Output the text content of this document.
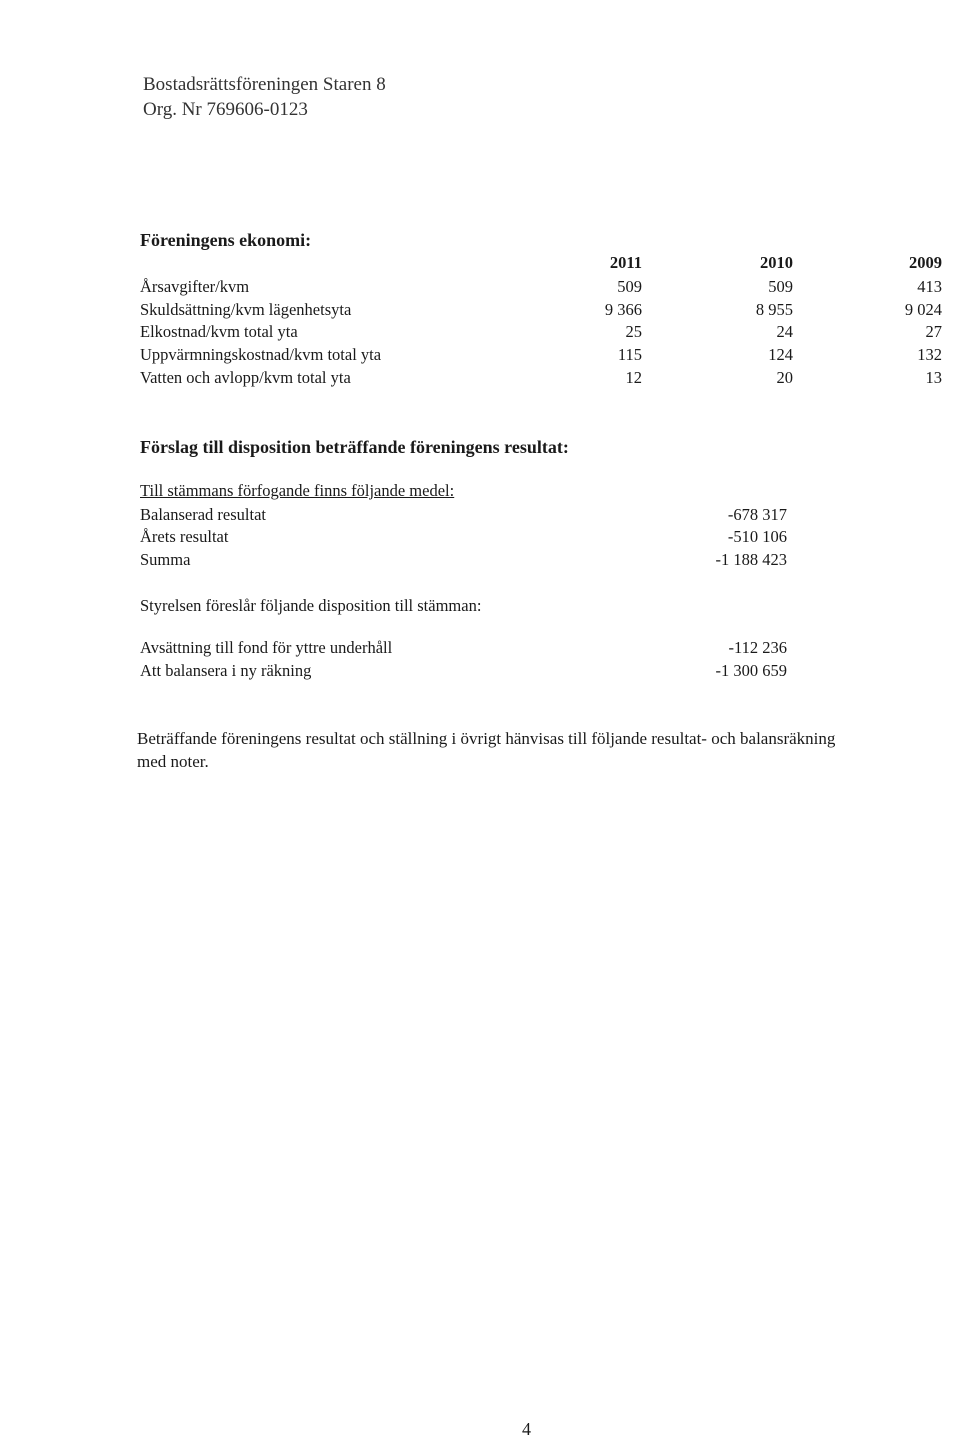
Bostadsrättsföreningen Staren 8
Org. Nr 769606-0123
Föreningens ekonomi:
2011	2010	2009
Årsavgifter/kvm	509	509	413
Skuldsättning/kvm lägenhetsyta	9 366	8 955	9 024
Elkostnad/kvm total yta	25	24	27
Uppvärmningskostnad/kvm total yta	115	124	132
Vatten och avlopp/kvm total yta	12	20	13
Förslag till disposition beträffande föreningens resultat:
Till stämmans förfogande finns följande medel:
Balanserad resultat	-678 317
Årets resultat	-510 106
Summa	-1 188 423
Styrelsen föreslår följande disposition till stämman:
Avsättning till fond för yttre underhåll	-112 236
Att balansera i ny räkning	-1 300 659
Beträffande föreningens resultat och ställning i övrigt hänvisas till följande resultat- och balansräkning
med noter.
4
